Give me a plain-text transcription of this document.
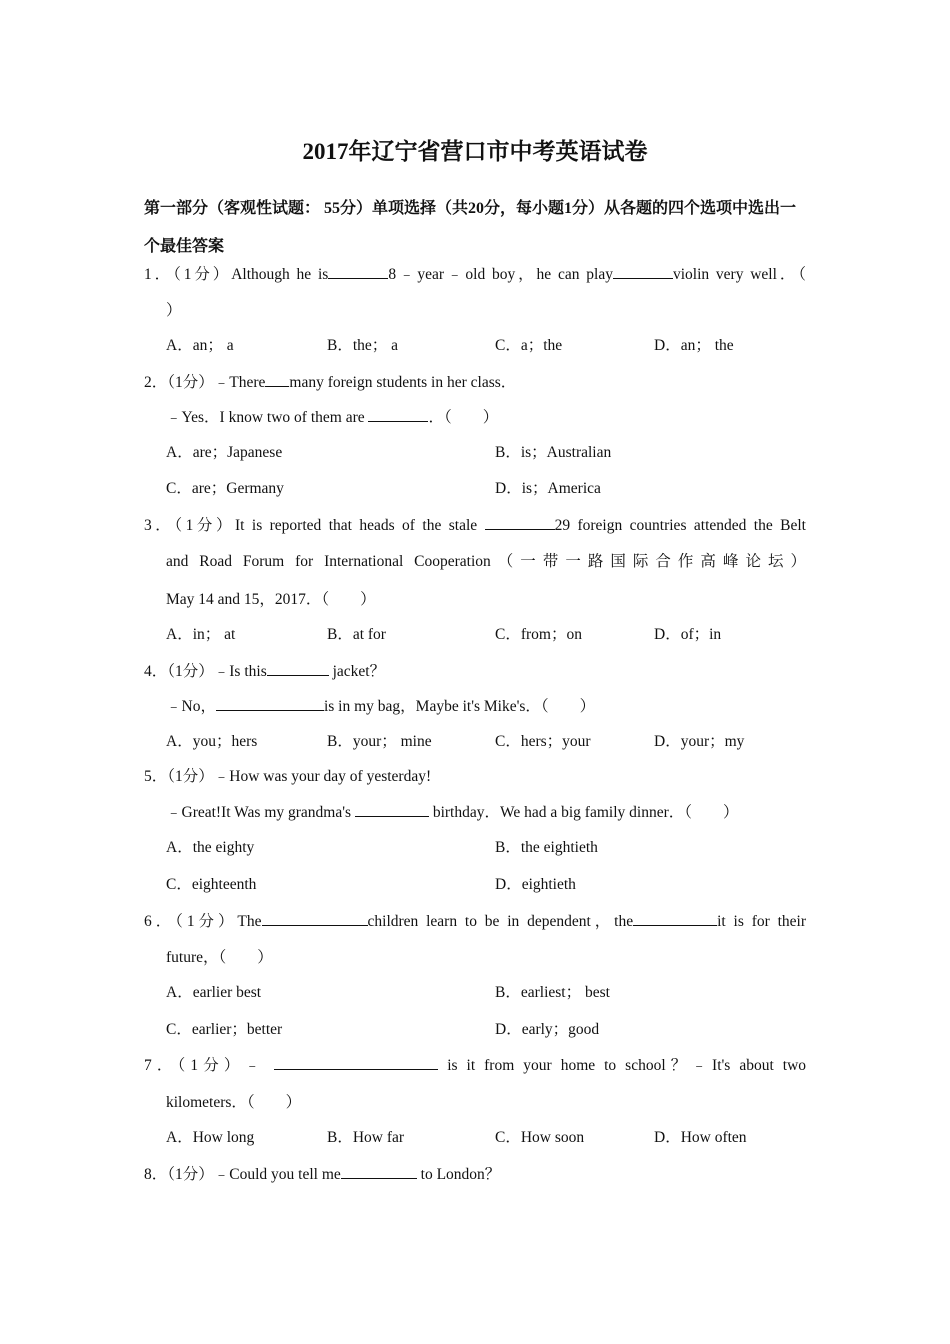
2017年辽宁省营口市中考英语试卷

第一部分（客观性试题： 55分）单项选择（共20分，每小题1分）从各题的四个选项中选出一个最佳答案

1．（1分）Although he is	8﹣year﹣old boy，he can play	violin very well．（
）
A．an； a	B．the； a	C．a；the	D．an； the
2．（1分）﹣There many foreign students in her class．
﹣Yes．I know two of them are	．（　　）
A．are；Japanese	B．is；Australian
C．are；Germany	D．is；America
3．（1分）It is reported that heads of the stale	29 foreign countries attended the Belt
and Road Forum for International Cooperation（一带一路国际合作高峰论坛）
May 14 and 15，2017．（　　）
A．in； at	B．at for	C．from；on	D．of；in
4．（1分）﹣Is this	jacket？
﹣No，	is in my bag，Maybe it's Mike's．（　　）
A．you；hers	B．your； mine	C．hers；your	D．your；my
5．（1分）﹣How was your day of yesterday!
﹣Great!It Was my grandma's	birthday．We had a big family dinner．（　　）
A．the eighty	B．the eightieth
C．eighteenth	D．eightieth
6．（1分）The	children learn to be in dependent，the	it is for their
future，（　　）
A．earlier best	B．earliest； best
C．earlier；better	D．early；good
7．（1分）﹣	is it from your home to school？﹣It's about two
kilometers．（　　）
A．How long	B．How far	C．How soon	D．How often
8．（1分）﹣Could you tell me	to London？
